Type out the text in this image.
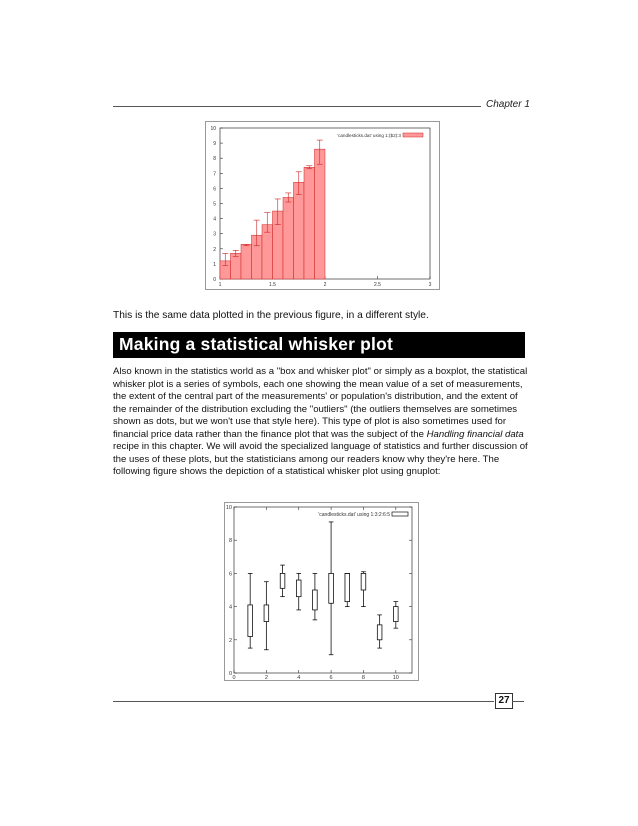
Chapter 1
0
1
2
3
4
5
6
7
8
9
10
1	1.5	2	2.5	3
'candlesticks.dat' using 1:($2):3
This is the same data plotted in the previous figure, in a different style.
Making a statistical whisker plot

Also known in the statistics world as a "box and whisker plot" or simply as a boxplot, the statistical whisker plot is a series of symbols, each one showing the mean value of a set of measurements, the extent of the central part of the measurements' or population's distribution, and the extent of the remainder of the distribution excluding the "outliers" (the outliers themselves are sometimes shown as dots, but we won't use that style here). This type of plot is also sometimes used for financial price data rather than the finance plot that was the subject of the Handling financial data recipe in this chapter. We will avoid the specialized language of statistics and further discussion of the uses of these plots, but the statisticians among our readers know why they're here. The following figure shows the depiction of a statistical whisker plot using gnuplot:

0
2
4
6
8
10
0	2	4	6	8	10
'candlesticks.dat' using 1:3:2:6:5
27
